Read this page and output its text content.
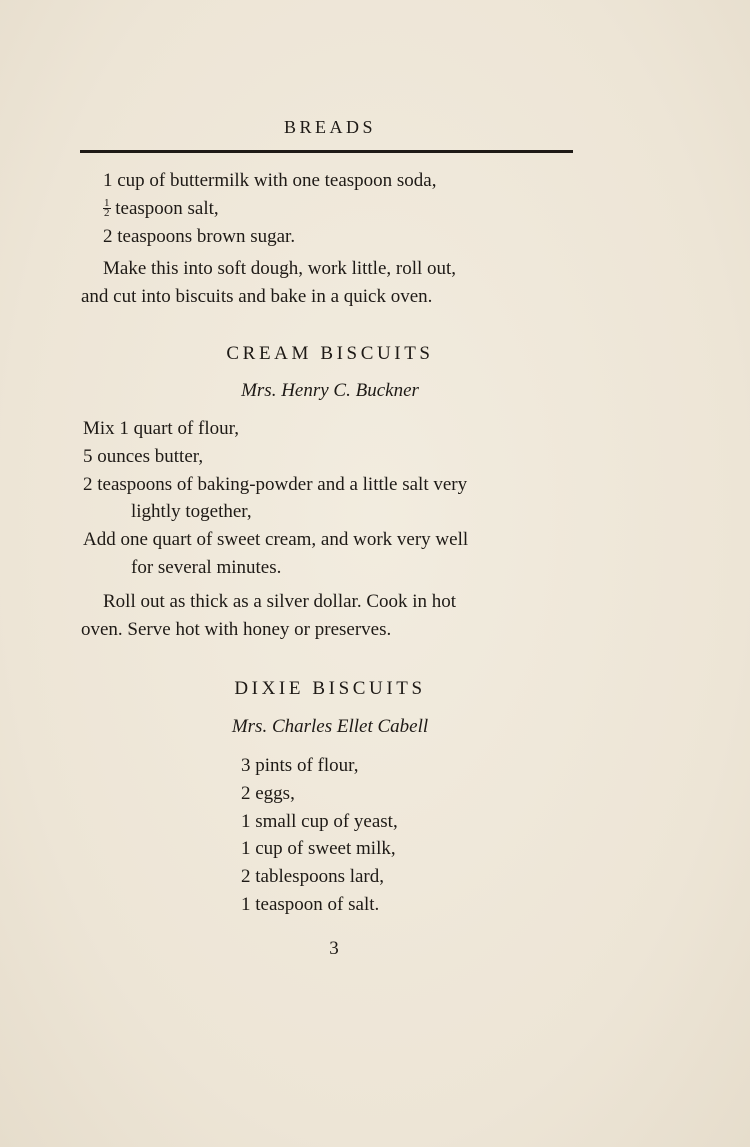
BREADS
1 cup of buttermilk with one teaspoon soda,
$\frac{1}{2}$ teaspoon salt,
2 teaspoons brown sugar.
Make this into soft dough, work little, roll out,
and cut into biscuits and bake in a quick oven.
CREAM BISCUITS
Mrs. Henry C. Buckner
Mix 1 quart of flour,
5 ounces butter,
2 teaspoons of baking-powder and a little salt very
lightly together,
Add one quart of sweet cream, and work very well
for several minutes.
Roll out as thick as a silver dollar. Cook in hot
oven. Serve hot with honey or preserves.
DIXIE BISCUITS
Mrs. Charles Ellet Cabell
3 pints of flour,
2 eggs,
1 small cup of yeast,
1 cup of sweet milk,
2 tablespoons lard,
1 teaspoon of salt.
3
